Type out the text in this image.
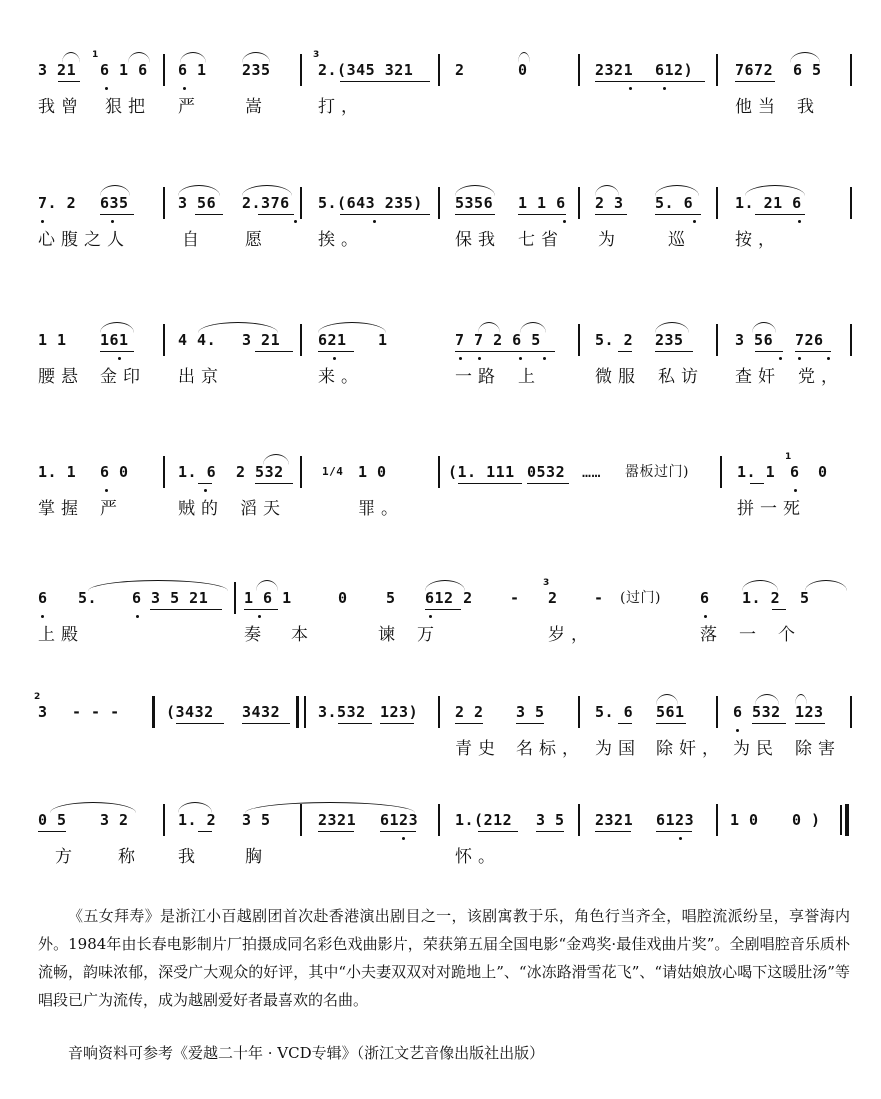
3 21
1
6 1 6 6 1 235
3
2.(345 321	2	0	2321 612)	7672 6 5
我曾 狠把 严	嵩	打，	他当 我
7. 2 635	3 56 2.376 5.(643 235) 5356 1 1 6 2 3 5. 6	1. 21 6
心腹之人	自 愿	挨。	保我 七省 为	巡	按，
1 1 161	4 4. 3 21	621 1	7 7 2 6 5	5. 2 235	3 56 726
腰悬 金印 出京	来。	一路 上	微服 私访 查奸 党，
1. 1 6 0	1. 6 2 532	1/4 1 0	(1. 111 0532 …… 嚣板过门)	1. 1
1
6 0
掌握 严	贼的 滔天	罪。	拼一死
6 5. 6 3 5 21 1 6 1	0	5 612 2 -
3
2 - (过门)	6 1. 2 5
上殿	奏本 谏万	岁，	落一个
2
3 - - -	(3432 3432	3.532 123) 2 2 3 5	5. 6 561	6 532 123
青史 名标， 为国 除奸， 为民 除害
0 5 3 2	1. 2 3 5	2321 6123 1.(212 3 5 2321 6123 1 0 0 )
方 称 我	胸	怀。

《五女拜寿》是浙江小百越剧团首次赴香港演出剧目之一，该剧寓教于乐，角色行当齐全，唱腔流派纷呈，享誉海内外。1984年由长春电影制片厂拍摄成同名彩色戏曲影片，荣获第五届全国电影“金鸡奖·最佳戏曲片奖”。全剧唱腔音乐质朴流畅，韵味浓郁，深受广大观众的好评，其中“小夫妻双双对对跪地上”、“冰冻路滑雪花飞”、“请姑娘放心喝下这暖肚汤”等唱段已广为流传，成为越剧爱好者最喜欢的名曲。

音响资料可参考《爱越二十年 · VCD专辑》（浙江文艺音像出版社出版）
